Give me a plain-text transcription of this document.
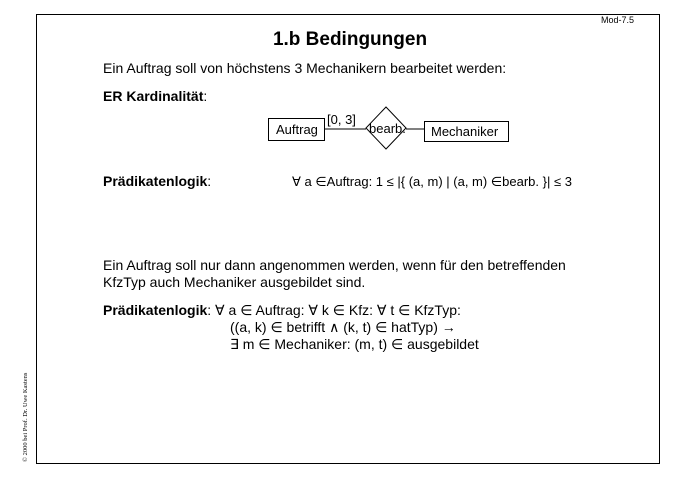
Mod-7.5
1.b Bedingungen
Ein Auftrag soll von höchstens 3 Mechanikern bearbeitet werden:
ER Kardinalität:
Auftrag	bearb. Mechaniker
[0, 3]
Prädikatenlogik:	∀ a ∈Auftrag: 1 ≤ |{ (a, m) | (a, m) ∈bearb. }| ≤ 3
Ein Auftrag soll nur dann angenommen werden, wenn für den betreffenden
KfzTyp auch Mechaniker ausgebildet sind.
Prädikatenlogik: ∀ a ∈ Auftrag: ∀ k ∈ Kfz: ∀ t ∈ KfzTyp:
((a, k) ∈ betrifft ∧ (k, t) ∈ hatTyp) →
∃ m ∈ Mechaniker: (m, t) ∈ ausgebildet
© 2000 bei Prof. Dr. Uwe Kastens
